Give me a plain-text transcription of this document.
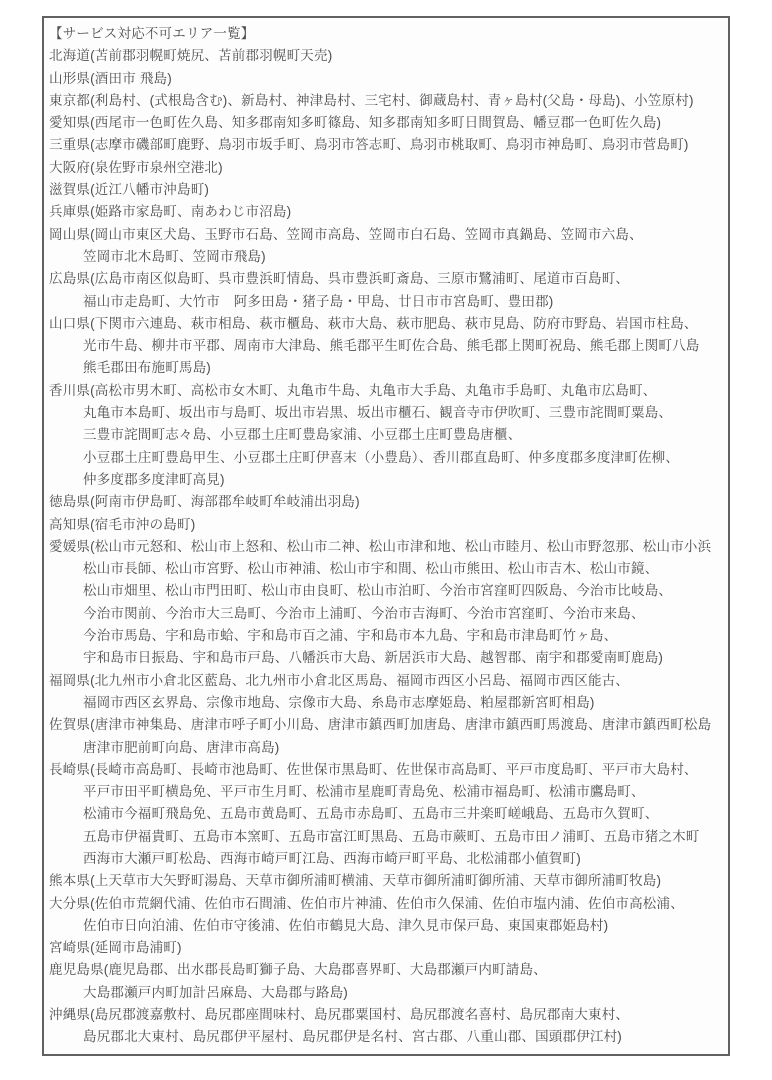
【サービス対応不可エリア一覧】

北海道(苫前郡羽幌町焼尻、苫前郡羽幌町天売)

山形県(酒田市 飛島)

東京都(利島村、(式根島含む)、新島村、神津島村、三宅村、御蔵島村、青ヶ島村(父島・母島)、小笠原村)

愛知県(西尾市一色町佐久島、知多郡南知多町篠島、知多郡南知多町日間賀島、幡豆郡一色町佐久島)

三重県(志摩市磯部町鹿野、鳥羽市坂手町、鳥羽市答志町、鳥羽市桃取町、鳥羽市神島町、鳥羽市菅島町)

大阪府(泉佐野市泉州空港北)

滋賀県(近江八幡市沖島町)

兵庫県(姫路市家島町、南あわじ市沼島)

岡山県(岡山市東区犬島、玉野市石島、笠岡市高島、笠岡市白石島、笠岡市真鍋島、笠岡市六島、
笠岡市北木島町、笠岡市飛島)

広島県(広島市南区似島町、呉市豊浜町情島、呉市豊浜町斎島、三原市鷺浦町、尾道市百島町、
福山市走島町、大竹市　阿多田島・猪子島・甲島、廿日市市宮島町、豊田郡)

山口県(下関市六連島、萩市相島、萩市櫃島、萩市大島、萩市肥島、萩市見島、防府市野島、岩国市柱島、
光市牛島、柳井市平郡、周南市大津島、熊毛郡平生町佐合島、熊毛郡上関町祝島、熊毛郡上関町八島
熊毛郡田布施町馬島)

香川県(高松市男木町、高松市女木町、丸亀市牛島、丸亀市大手島、丸亀市手島町、丸亀市広島町、
丸亀市本島町、坂出市与島町、坂出市岩黒、坂出市櫃石、観音寺市伊吹町、三豊市詫間町粟島、
三豊市詫間町志々島、小豆郡土庄町豊島家浦、小豆郡土庄町豊島唐櫃、
小豆郡土庄町豊島甲生、小豆郡土庄町伊喜末（小豊島）、香川郡直島町、仲多度郡多度津町佐柳、
仲多度郡多度津町高見)

徳島県(阿南市伊島町、海部郡牟岐町牟岐浦出羽島)

高知県(宿毛市沖の島町)

愛媛県(松山市元怒和、松山市上怒和、松山市二神、松山市津和地、松山市睦月、松山市野忽那、松山市小浜
松山市長師、松山市宮野、松山市神浦、松山市宇和間、松山市熊田、松山市吉木、松山市鏡、
松山市畑里、松山市門田町、松山市由良町、松山市泊町、今治市宮窪町四阪島、今治市比岐島、
今治市関前、今治市大三島町、今治市上浦町、今治市吉海町、今治市宮窪町、今治市来島、
今治市馬島、宇和島市蛤、宇和島市百之浦、宇和島市本九島、宇和島市津島町竹ヶ島、
宇和島市日振島、宇和島市戸島、八幡浜市大島、新居浜市大島、越智郡、南宇和郡愛南町鹿島)

福岡県(北九州市小倉北区藍島、北九州市小倉北区馬島、福岡市西区小呂島、福岡市西区能古、
福岡市西区玄界島、宗像市地島、宗像市大島、糸島市志摩姫島、粕屋郡新宮町相島)

佐賀県(唐津市神集島、唐津市呼子町小川島、唐津市鎮西町加唐島、唐津市鎮西町馬渡島、唐津市鎮西町松島
唐津市肥前町向島、唐津市高島)

長崎県(長崎市高島町、長崎市池島町、佐世保市黒島町、佐世保市高島町、平戸市度島町、平戸市大島村、
平戸市田平町横島免、平戸市生月町、松浦市星鹿町青島免、松浦市福島町、松浦市鷹島町、
松浦市今福町飛島免、五島市黄島町、五島市赤島町、五島市三井楽町嵯峨島、五島市久賀町、
五島市伊福貴町、五島市本窯町、五島市富江町黒島、五島市蕨町、五島市田ノ浦町、五島市猪之木町
西海市大瀬戸町松島、西海市崎戸町江島、西海市崎戸町平島、北松浦郡小値賀町)

熊本県(上天草市大矢野町湯島、天草市御所浦町横浦、天草市御所浦町御所浦、天草市御所浦町牧島)

大分県(佐伯市荒網代浦、佐伯市石間浦、佐伯市片神浦、佐伯市久保浦、佐伯市塩内浦、佐伯市高松浦、
佐伯市日向泊浦、佐伯市守後浦、佐伯市鶴見大島、津久見市保戸島、東国東郡姫島村)

宮崎県(延岡市島浦町)

鹿児島県(鹿児島郡、出水郡長島町獅子島、大島郡喜界町、大島郡瀬戸内町請島、
大島郡瀬戸内町加計呂麻島、大島郡与路島)

沖縄県(島尻郡渡嘉敷村、島尻郡座間味村、島尻郡粟国村、島尻郡渡名喜村、島尻郡南大東村、
島尻郡北大東村、島尻郡伊平屋村、島尻郡伊是名村、宮古郡、八重山郡、国頭郡伊江村)
